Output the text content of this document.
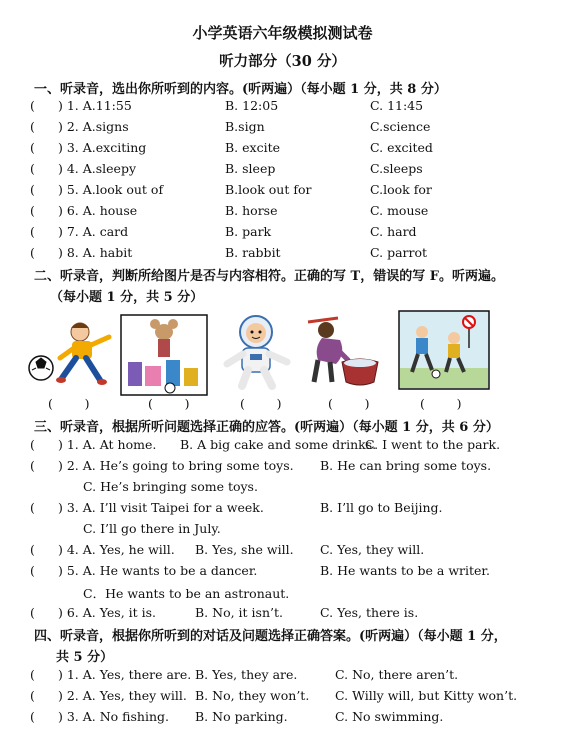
小学英语六年级模拟测试卷
听力部分（30 分）
一、听录音，选出你所听到的内容。(听两遍）（每小题 1 分，共 8 分）
( ) 1. A.11:55	B. 12:05	C. 11:45
( ) 2. A.signs	B.sign	C.science
( ) 3. A.exciting	B. excite	C. excited
( ) 4. A.sleepy	B. sleep	C.sleeps
( ) 5. A.look out of	B.look out for	C.look for
( ) 6. A. house	B. horse	C. mouse
( ) 7. A. card	B. park	C. hard
( ) 8. A. habit	B. rabbit	C. parrot
二、听录音，判断所给图片是否与内容相符。正确的写 T，错误的写 F。听两遍。
（每小题 1 分，共 5 分）
(        )	(        )	(        )	(        )	(        )
三、听录音，根据所听问题选择正确的应答。(听两遍）（每小题 1 分，共 6 分）
( ) 1. A. At home. B. A big cake and some drinks.
C. I went to the park.
( ) 2. A. He’s going to bring some toys. B. He can bring some toys.
C. He’s bringing some toys.
( ) 3. A. I’ll visit Taipei for a week.	B. I’ll go to Beijing.
C. I’ll go there in July.
( ) 4. A. Yes, he will. B. Yes, she will. C. Yes, they will.
( ) 5. A. He wants to be a dancer.	B. He wants to be a writer.
C．He wants to be an astronaut.
( ) 6. A. Yes, it is.	B. No, it isn’t.	C. Yes, there is.
四、听录音，根据你所听到的对话及问题选择正确答案。(听两遍）（每小题 1 分，
共 5 分）
( ) 1. A. Yes, there are. B. Yes, they are.	C. No, there aren’t.
( ) 2. A. Yes, they will. B. No, they won’t. C. Willy will, but Kitty won’t.
( ) 3. A. No fishing. B. No parking.	C. No swimming.
